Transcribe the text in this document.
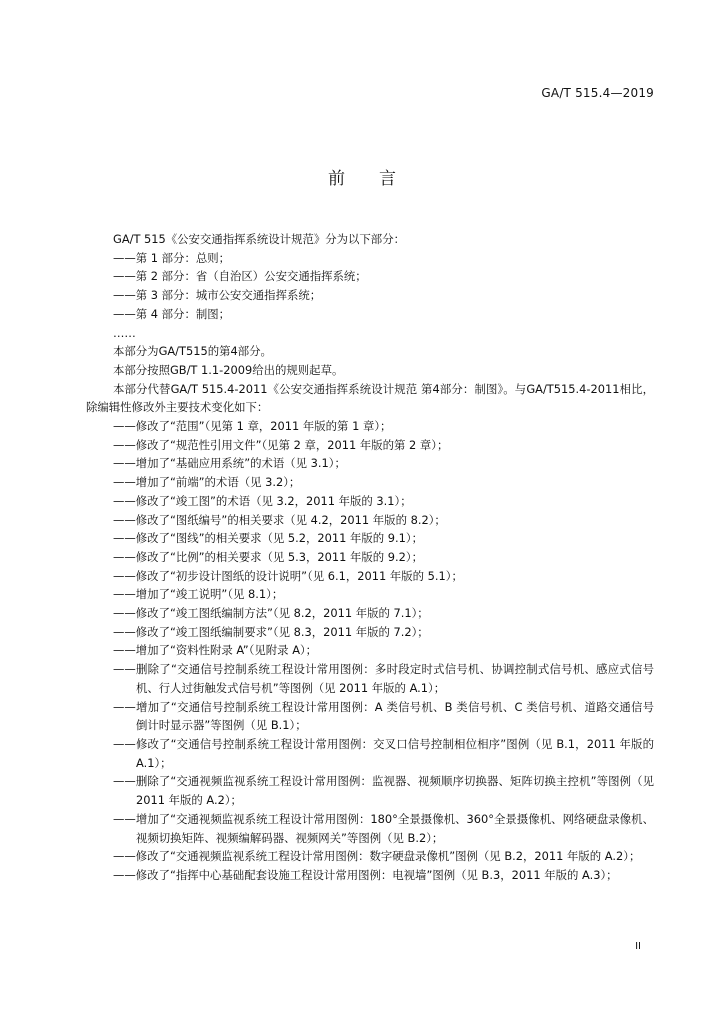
GA/T 515.4—2019
前言

GA/T 515《公安交通指挥系统设计规范》分为以下部分：

——第 1 部分：总则；

——第 2 部分：省（自治区）公安交通指挥系统；

——第 3 部分：城市公安交通指挥系统；

——第 4 部分：制图；

……

本部分为GA/T515的第4部分。

本部分按照GB/T 1.1-2009给出的规则起草。

本部分代替GA/T 515.4-2011《公安交通指挥系统设计规范 第4部分：制图》。与GA/T515.4-2011相比，除编辑性修改外主要技术变化如下：

——修改了“范围”（见第 1 章，2011 年版的第 1 章）；

——修改了“规范性引用文件”（见第 2 章，2011 年版的第 2 章）；

——增加了“基础应用系统”的术语（见 3.1）；

——增加了“前端”的术语（见 3.2）；

——修改了“竣工图”的术语（见 3.2，2011 年版的 3.1）；

——修改了“图纸编号”的相关要求（见 4.2，2011 年版的 8.2）；

——修改了“图线”的相关要求（见 5.2，2011 年版的 9.1）；

——修改了“比例”的相关要求（见 5.3，2011 年版的 9.2）；

——修改了“初步设计图纸的设计说明”（见 6.1，2011 年版的 5.1）；

——增加了“竣工说明”（见 8.1）；

——修改了“竣工图纸编制方法”（见 8.2，2011 年版的 7.1）；

——修改了“竣工图纸编制要求”（见 8.3，2011 年版的 7.2）；

——增加了“资料性附录 A”（见附录 A）；

——删除了“交通信号控制系统工程设计常用图例：多时段定时式信号机、协调控制式信号机、感应式信号机、行人过街触发式信号机”等图例（见 2011 年版的 A.1）；

——增加了“交通信号控制系统工程设计常用图例：A 类信号机、B 类信号机、C 类信号机、道路交通信号倒计时显示器”等图例（见 B.1）；

——修改了“交通信号控制系统工程设计常用图例：交叉口信号控制相位相序”图例（见 B.1，2011 年版的 A.1）；

——删除了“交通视频监视系统工程设计常用图例：监视器、视频顺序切换器、矩阵切换主控机”等图例（见 2011 年版的 A.2）；

——增加了“交通视频监视系统工程设计常用图例：180°全景摄像机、360°全景摄像机、网络硬盘录像机、视频切换矩阵、视频编解码器、视频网关”等图例（见 B.2）；

——修改了“交通视频监视系统工程设计常用图例：数字硬盘录像机”图例（见 B.2，2011 年版的 A.2）；

——修改了“指挥中心基础配套设施工程设计常用图例：电视墙”图例（见 B.3，2011 年版的 A.3）；

II
